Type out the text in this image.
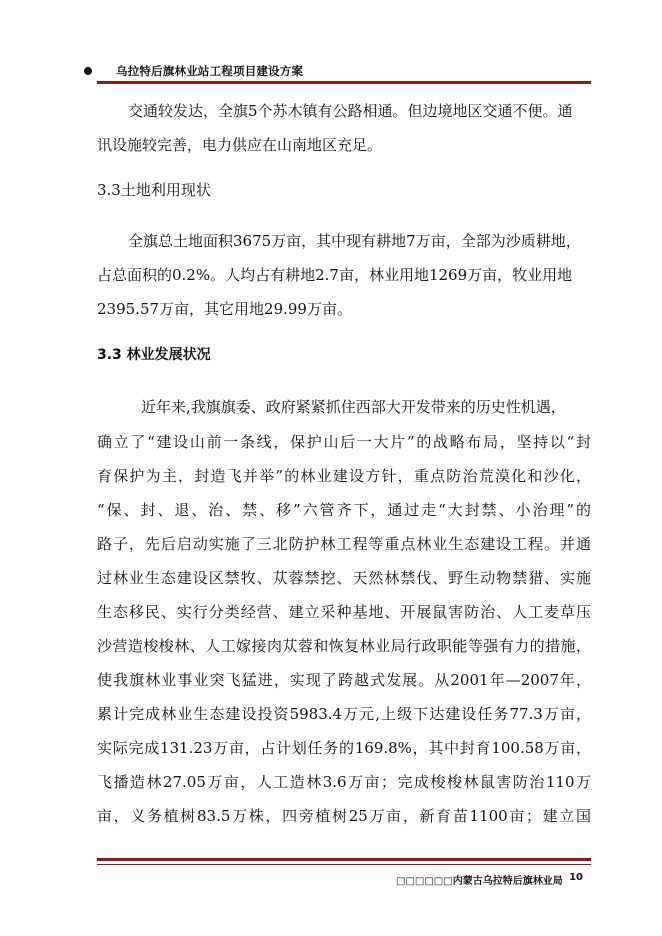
乌拉特后旗林业站工程项目建设方案
交通较发达，全旗5个苏木镇有公路相通。但边境地区交通不便。通
讯设施较完善，电力供应在山南地区充足。
3.3土地利用现状
全旗总土地面积3675万亩，其中现有耕地7万亩，全部为沙质耕地，
占总面积的0.2%。人均占有耕地2.7亩，林业用地1269万亩，牧业用地
2395.57万亩，其它用地29.99万亩。
3.3 林业发展状况
近年来,我旗旗委、政府紧紧抓住西部大开发带来的历史性机遇，
确立了“建设山前一条线，保护山后一大片”的战略布局，坚持以“封
育保护为主，封造飞并举”的林业建设方针，重点防治荒漠化和沙化，
“保、封、退、治、禁、移”六管齐下，通过走“大封禁、小治理”的
路子，先后启动实施了三北防护林工程等重点林业生态建设工程。并通
过林业生态建设区禁牧、苁蓉禁挖、天然林禁伐、野生动物禁猎、实施
生态移民、实行分类经营、建立采种基地、开展鼠害防治、人工麦草压
沙营造梭梭林、人工嫁接肉苁蓉和恢复林业局行政职能等强有力的措施，
使我旗林业事业突飞猛进，实现了跨越式发展。从2001年—2007年，
累计完成林业生态建设投资5983.4万元,上级下达建设任务77.3万亩，
实际完成131.23万亩，占计划任务的169.8%，其中封育100.58万亩，
飞播造林27.05万亩，人工造林3.6万亩；完成梭梭林鼠害防治110万
亩，义务植树83.5万株，四旁植树25万亩，新育苗1100亩；建立国
□□□□□□内蒙古乌拉特后旗林业局 10
